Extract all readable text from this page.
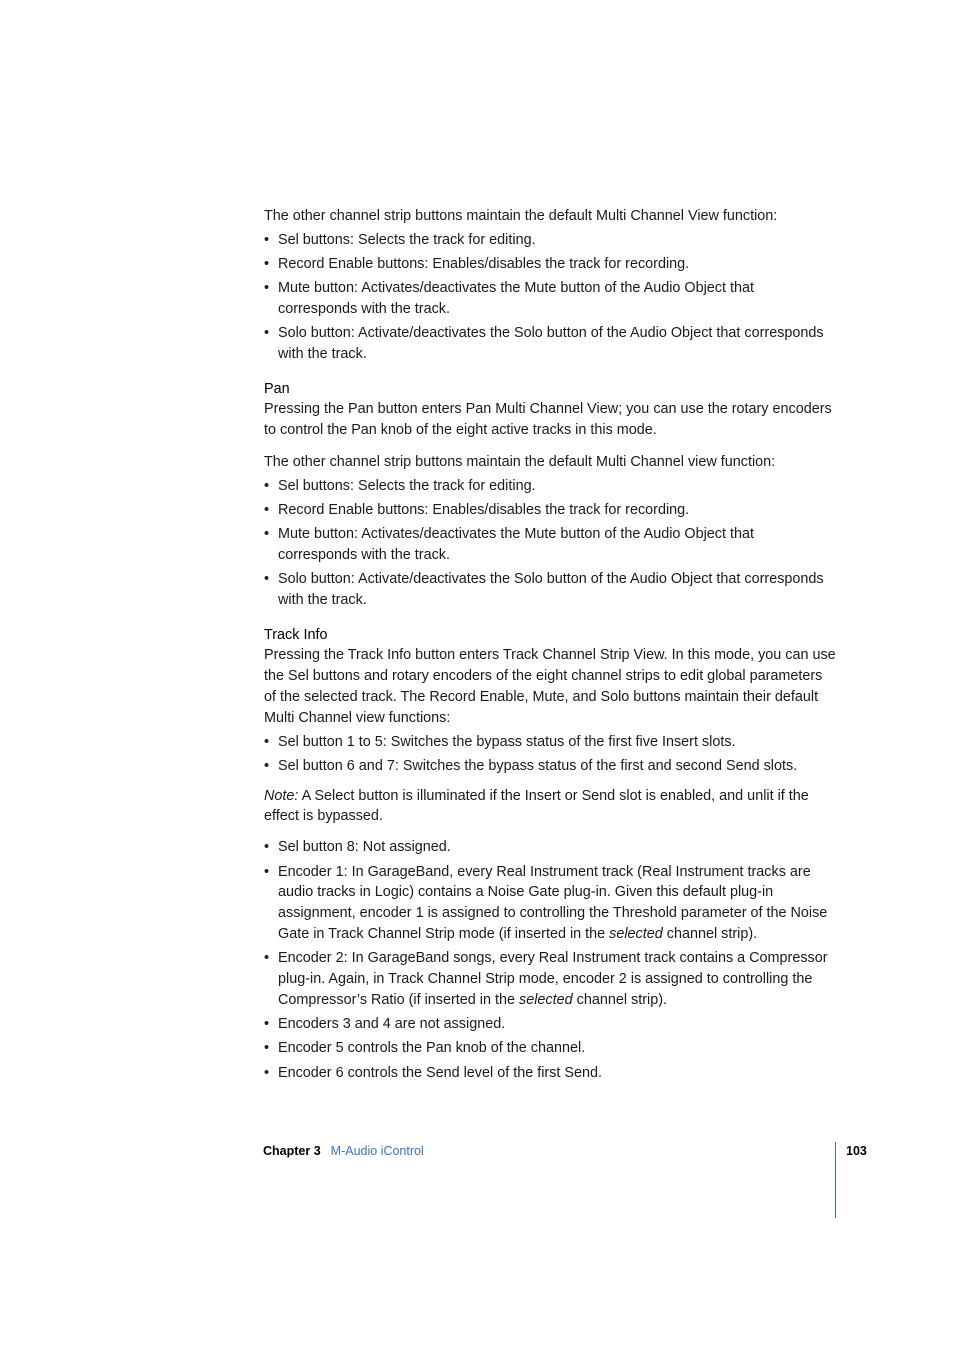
The other channel strip buttons maintain the default Multi Channel View function:

• Sel buttons: Selects the track for editing.
• Record Enable buttons: Enables/disables the track for recording.
• Mute button: Activates/deactivates the Mute button of the Audio Object that corresponds with the track.
• Solo button: Activate/deactivates the Solo button of the Audio Object that corresponds with the track.
Pan

Pressing the Pan button enters Pan Multi Channel View; you can use the rotary encoders to control the Pan knob of the eight active tracks in this mode.

The other channel strip buttons maintain the default Multi Channel view function:

• Sel buttons: Selects the track for editing.
• Record Enable buttons: Enables/disables the track for recording.
• Mute button: Activates/deactivates the Mute button of the Audio Object that corresponds with the track.
• Solo button: Activate/deactivates the Solo button of the Audio Object that corresponds with the track.
Track Info

Pressing the Track Info button enters Track Channel Strip View. In this mode, you can use the Sel buttons and rotary encoders of the eight channel strips to edit global parameters of the selected track. The Record Enable, Mute, and Solo buttons maintain their default Multi Channel view functions:

• Sel button 1 to 5: Switches the bypass status of the first five Insert slots.
• Sel button 6 and 7: Switches the bypass status of the first and second Send slots.

Note: A Select button is illuminated if the Insert or Send slot is enabled, and unlit if the effect is bypassed.

• Sel button 8: Not assigned.
• Encoder 1: In GarageBand, every Real Instrument track (Real Instrument tracks are audio tracks in Logic) contains a Noise Gate plug-in. Given this default plug-in assignment, encoder 1 is assigned to controlling the Threshold parameter of the Noise Gate in Track Channel Strip mode (if inserted in the selected channel strip).
• Encoder 2: In GarageBand songs, every Real Instrument track contains a Compressor plug-in. Again, in Track Channel Strip mode, encoder 2 is assigned to controlling the Compressor’s Ratio (if inserted in the selected channel strip).
• Encoders 3 and 4 are not assigned.
• Encoder 5 controls the Pan knob of the channel.
• Encoder 6 controls the Send level of the first Send.
Chapter 3 M-Audio iControl	103
